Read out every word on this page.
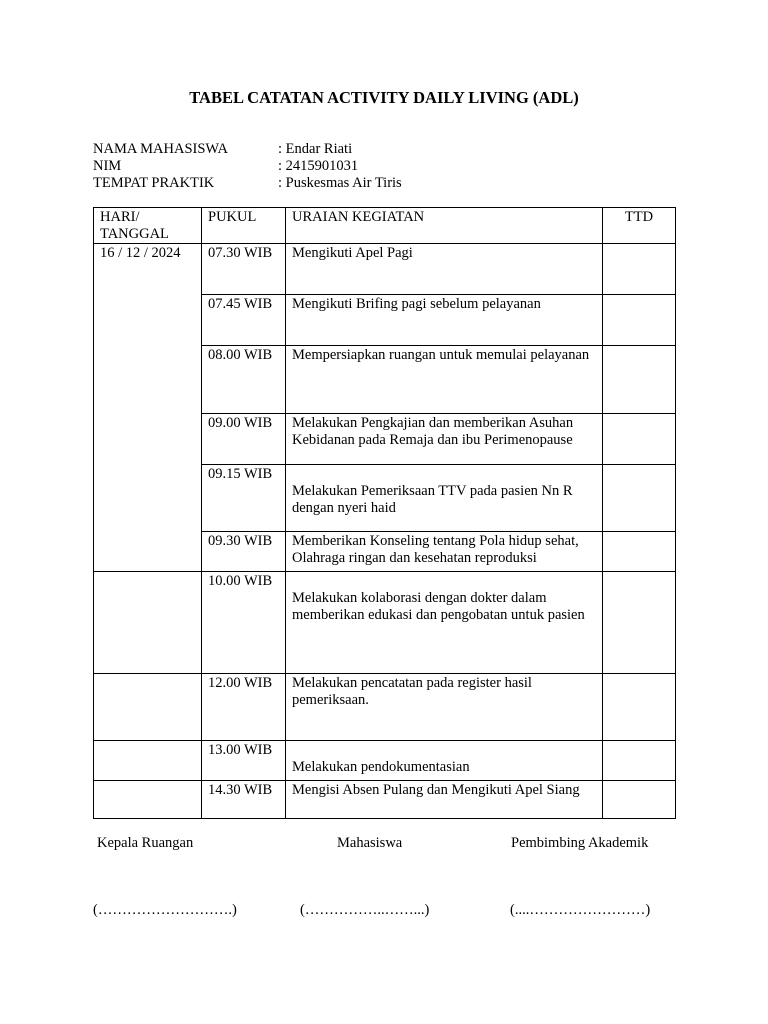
TABEL CATATAN ACTIVITY DAILY LIVING (ADL)
NAMA MAHASISWA	: Endar Riati
NIM	: 2415901031
TEMPAT PRAKTIK	: Puskesmas Air Tiris
HARI/ TANGGAL	PUKUL	URAIAN KEGIATAN	TTD
16 / 12 / 2024	07.30 WIB	Mengikuti Apel Pagi	
	07.45 WIB	Mengikuti Brifing pagi sebelum pelayanan	
	08.00 WIB	Mempersiapkan ruangan untuk memulai pelayanan	
	09.00 WIB	Melakukan Pengkajian dan memberikan Asuhan Kebidanan pada Remaja dan ibu Perimenopause	
	09.15 WIB	Melakukan Pemeriksaan TTV pada pasien Nn R dengan nyeri haid	
	09.30 WIB	Memberikan Konseling tentang Pola hidup sehat, Olahraga ringan dan kesehatan reproduksi	
	10.00 WIB	Melakukan kolaborasi dengan dokter dalam memberikan edukasi dan pengobatan untuk pasien	
	12.00 WIB	Melakukan pencatatan pada register hasil pemeriksaan.	
	13.00 WIB	Melakukan pendokumentasian	
	14.30 WIB	Mengisi Absen Pulang dan Mengikuti Apel Siang	
Kepala Ruangan	Mahasiswa	Pembimbing Akademik
(……………………….)	(……………..……...)	(....……………………)
